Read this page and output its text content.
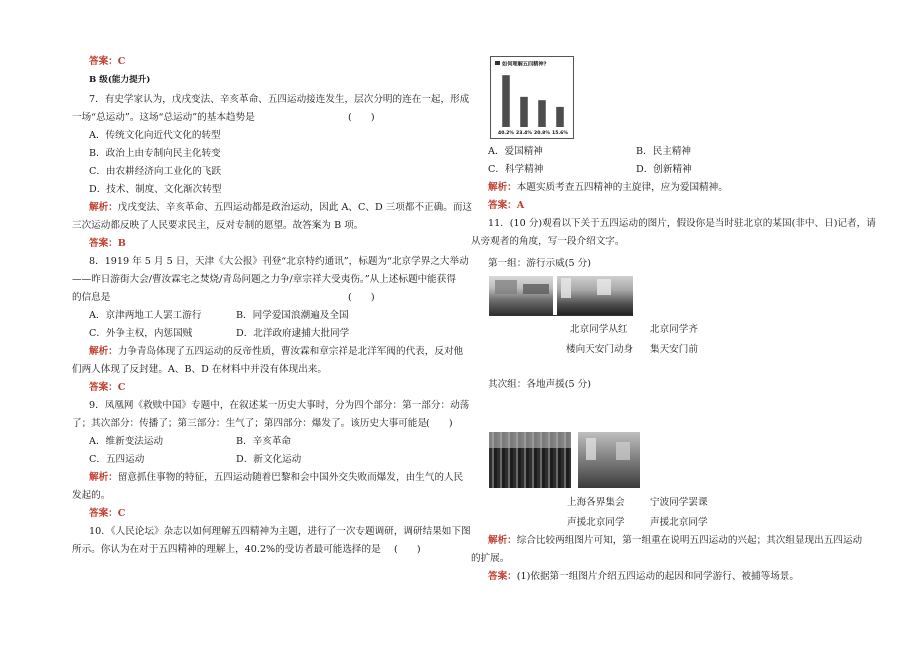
答案：C
B 级(能力提升)
7．有史学家认为，戊戌变法、辛亥革命、五四运动接连发生，层次分明的连在一起，形成
一场“总运动”。这场“总运动”的基本趋势是	(　　)
A．传统文化向近代文化的转型
B．政治上由专制向民主化转变
C．由农耕经济向工业化的飞跃
D．技术、制度、文化渐次转型
解析：戊戌变法、辛亥革命、五四运动都是政治运动，因此 A、C、D 三项都不正确。而这
三次运动都反映了人民要求民主，反对专制的愿望。故答案为 B 项。
答案：B
8．1919 年 5 月 5 日，天津《大公报》刊登“北京特约通讯”，标题为“北京学界之大举动
——昨日游街大会/曹汝霖宅之焚烧/青岛问题之力争/章宗祥大受夷伤。”从上述标题中能获得
的信息是	(　　)
A．京津两地工人罢工游行	B．同学爱国浪潮遍及全国
C．外争主权，内惩国贼	D．北洋政府逮捕大批同学
解析：力争青岛体现了五四运动的反帝性质，曹汝霖和章宗祥是北洋军阀的代表，反对他
们两人体现了反封建。A、B、D 在材料中并没有体现出来。
答案：C
9．凤凰网《救赎中国》专题中，在叙述某一历史大事时，分为四个部分：第一部分：动荡
了；其次部分：传播了；第三部分：生气了；第四部分：爆发了。该历史大事可能是 (　　)
A．维新变法运动	B．辛亥革命
C．五四运动	D．新文化运动
解析：留意抓住事物的特征，五四运动随着巴黎和会中国外交失败而爆发，由生气的人民
发起的。
答案：C
10．《人民论坛》杂志以如何理解五四精神为主题，进行了一次专题调研，调研结果如下图
所示。你认为在对于五四精神的理解上，40.2%的受访者最可能选择的是 (　　)
如何理解五四精神?
40.2% 23.4% 20.8% 15.6%
A．爱国精神	B．民主精神
C．科学精神	D．创新精神
解析：本题实质考查五四精神的主旋律，应为爱国精神。
答案：A
11．(10 分)观看以下关于五四运动的图片，假设你是当时驻北京的某国(非中、日)记者，请
从旁观者的角度，写一段介绍文字。
第一组：游行示威(5 分)
北京同学从红
楼向天安门动身
北京同学齐
集天安门前
其次组：各地声援(5 分)
上海各界集会
声援北京同学
宁波同学罢课
声援北京同学
解析：综合比较两组图片可知，第一组重在说明五四运动的兴起；其次组显现出五四运动
的扩展。
答案：(1)依据第一组图片介绍五四运动的起因和同学游行、被捕等场景。
